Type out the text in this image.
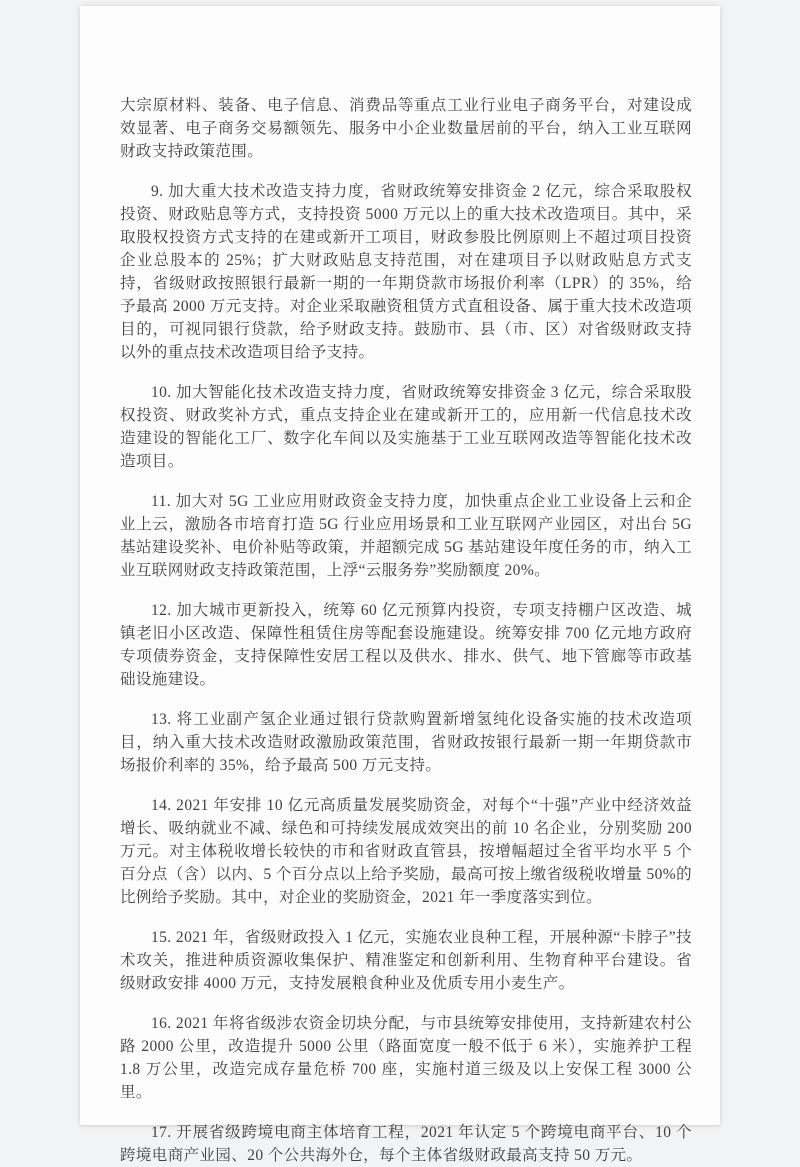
大宗原材料、装备、电子信息、消费品等重点工业行业电子商务平台，对建设成效显著、电子商务交易额领先、服务中小企业数量居前的平台，纳入工业互联网财政支持政策范围。

9. 加大重大技术改造支持力度，省财政统筹安排资金 2 亿元，综合采取股权投资、财政贴息等方式，支持投资 5000 万元以上的重大技术改造项目。其中，采取股权投资方式支持的在建或新开工项目，财政参股比例原则上不超过项目投资企业总股本的 25%；扩大财政贴息支持范围，对在建项目予以财政贴息方式支持，省级财政按照银行最新一期的一年期贷款市场报价利率（LPR）的 35%，给予最高 2000 万元支持。对企业采取融资租赁方式直租设备、属于重大技术改造项目的，可视同银行贷款，给予财政支持。鼓励市、县（市、区）对省级财政支持以外的重点技术改造项目给予支持。

10. 加大智能化技术改造支持力度，省财政统筹安排资金 3 亿元，综合采取股权投资、财政奖补方式，重点支持企业在建或新开工的，应用新一代信息技术改造建设的智能化工厂、数字化车间以及实施基于工业互联网改造等智能化技术改造项目。

11. 加大对 5G 工业应用财政资金支持力度，加快重点企业工业设备上云和企业上云，激励各市培育打造 5G 行业应用场景和工业互联网产业园区，对出台 5G 基站建设奖补、电价补贴等政策，并超额完成 5G 基站建设年度任务的市，纳入工业互联网财政支持政策范围，上浮“云服务券”奖励额度 20%。

12. 加大城市更新投入，统筹 60 亿元预算内投资，专项支持棚户区改造、城镇老旧小区改造、保障性租赁住房等配套设施建设。统筹安排 700 亿元地方政府专项债券资金，支持保障性安居工程以及供水、排水、供气、地下管廊等市政基础设施建设。

13. 将工业副产氢企业通过银行贷款购置新增氢纯化设备实施的技术改造项目，纳入重大技术改造财政激励政策范围，省财政按银行最新一期一年期贷款市场报价利率的 35%，给予最高 500 万元支持。

14. 2021 年安排 10 亿元高质量发展奖励资金，对每个“十强”产业中经济效益增长、吸纳就业不减、绿色和可持续发展成效突出的前 10 名企业，分别奖励 200 万元。对主体税收增长较快的市和省财政直管县，按增幅超过全省平均水平 5 个百分点（含）以内、5 个百分点以上给予奖励，最高可按上缴省级税收增量 50%的比例给予奖励。其中，对企业的奖励资金，2021 年一季度落实到位。

15. 2021 年，省级财政投入 1 亿元，实施农业良种工程，开展种源“卡脖子”技术攻关，推进种质资源收集保护、精准鉴定和创新利用、生物育种平台建设。省级财政安排 4000 万元，支持发展粮食种业及优质专用小麦生产。

16. 2021 年将省级涉农资金切块分配，与市县统筹安排使用，支持新建农村公路 2000 公里，改造提升 5000 公里（路面宽度一般不低于 6 米），实施养护工程 1.8 万公里，改造完成存量危桥 700 座，实施村道三级及以上安保工程 3000 公里。

17. 开展省级跨境电商主体培育工程，2021 年认定 5 个跨境电商平台、10 个跨境电商产业园、20 个公共海外仓，每个主体省级财政最高支持 50 万元。
